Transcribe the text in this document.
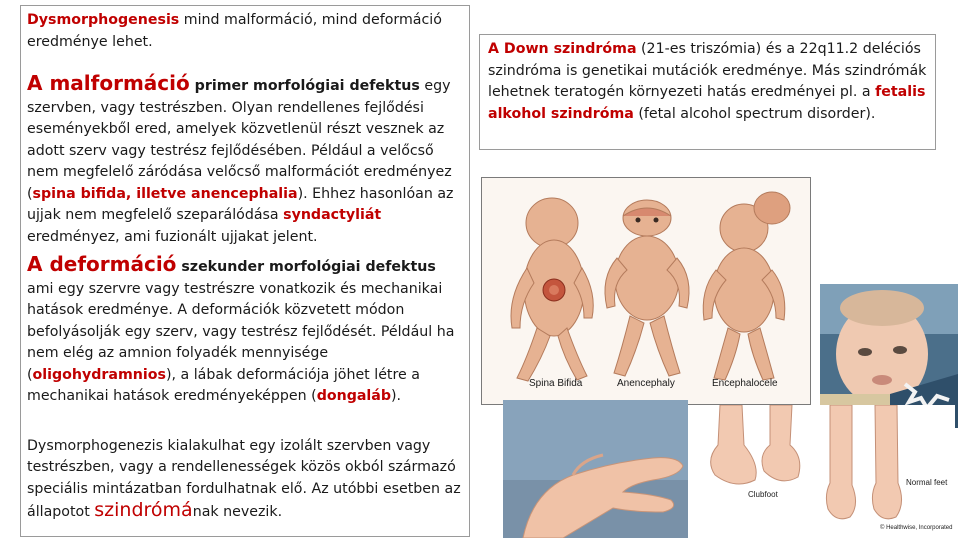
Dysmorphogenesis mind malformáció, mind deformáció eredménye lehet.

A malformáció primer morfológiai defektus egy szervben, vagy testrészben. Olyan rendellenes fejlődési eseményekből ered, amelyek közvetlenül részt vesznek az adott szerv vagy testrész fejlődésében. Például a velőcső nem megfelelő záródása velőcső malformációt eredményez (spina bifida, illetve anencephalia). Ehhez hasonlóan az ujjak nem megfelelő szeparálódása syndactyliát eredményez, ami fuzionált ujjakat jelent.

A deformáció szekunder morfológiai defektus ami egy szervre vagy testrészre vonatkozik és mechanikai hatások eredménye. A deformációk közvetett módon befolyásolják egy szerv, vagy testrész fejlődését. Például ha nem elég az amnion folyadék mennyisége (oligohydramnios), a lábak deformációja jöhet létre a mechanikai hatások eredményeképpen (dongaláb).

Dysmorphogenezis kialakulhat egy izolált szervben vagy testrészben, vagy a rendellenességek közös okból származó speciális mintázatban fordulhatnak elő. Az utóbbi esetben az állapotot szindrómának nevezik.

A Down szindróma (21-es triszómia) és a 22q11.2 deléciós szindróma is genetikai mutációk eredménye. Más szindrómák lehetnek teratogén környezeti hatás eredményei pl. a fetalis alkohol szindróma (fetal alcohol spectrum disorder).

Spina Bifida	Anencephaly	Encephalocele
Clubfoot
Normal feet
© Healthwise, Incorporated
